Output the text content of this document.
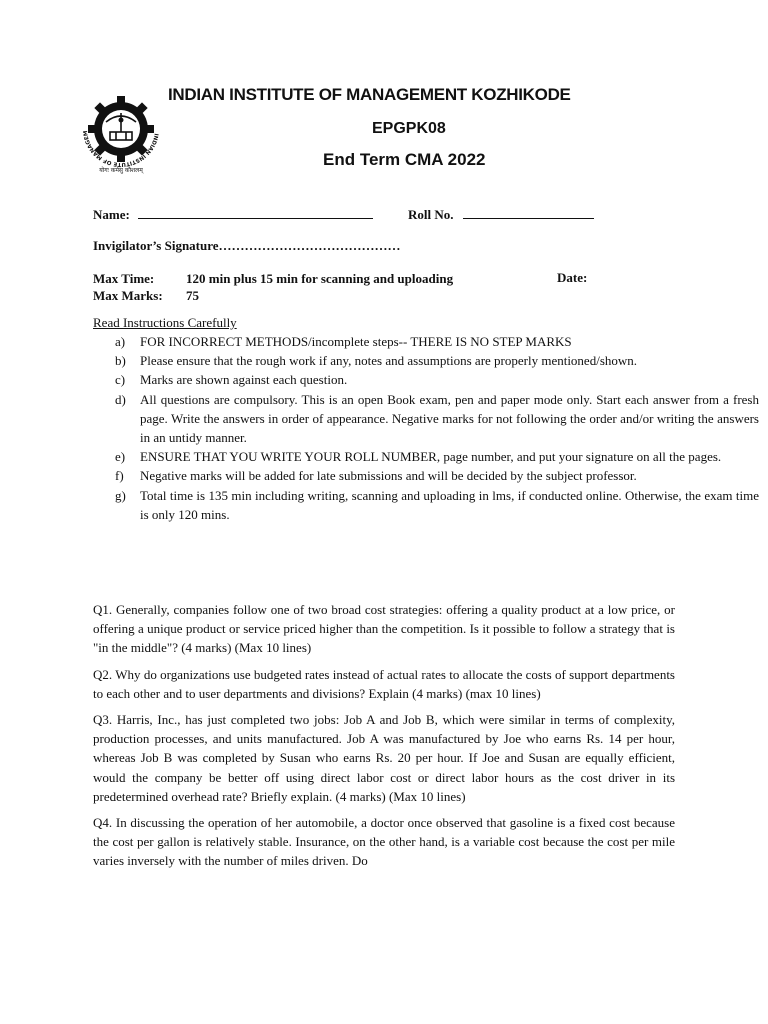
INDIAN INSTITUTE OF MANAGEM
योगः कर्मसु कौशलम्
INDIAN INSTITUTE OF MANAGEMENT KOZHIKODE
EPGPK08
End Term CMA 2022
Name:	Roll No.
Invigilator’s Signature……………………………………
Max Time: 120 min plus 15 min for scanning and uploading	Date:
Max Marks: 75
Read Instructions Carefully
a) FOR INCORRECT METHODS/incomplete steps-- THERE IS NO STEP MARKS
b) Please ensure that the rough work if any, notes and assumptions are properly mentioned/shown.
c) Marks are shown against each question.
d) All questions are compulsory. This is an open Book exam, pen and paper mode only. Start each answer from a fresh page. Write the answers in order of appearance. Negative marks for not following the order and/or writing the answers in an untidy manner.
e) ENSURE THAT YOU WRITE YOUR ROLL NUMBER, page number, and put your signature on all the pages.
f) Negative marks will be added for late submissions and will be decided by the subject professor.
g) Total time is 135 min including writing, scanning and uploading in lms, if conducted online. Otherwise, the exam time is only 120 mins.

Q1. Generally, companies follow one of two broad cost strategies: offering a quality product at a low price, or offering a unique product or service priced higher than the competition. Is it possible to follow a strategy that is "in the middle"? (4 marks) (Max 10 lines)

Q2. Why do organizations use budgeted rates instead of actual rates to allocate the costs of support departments to each other and to user departments and divisions? Explain (4 marks) (max 10 lines)

Q3. Harris, Inc., has just completed two jobs: Job A and Job B, which were similar in terms of complexity, production processes, and units manufactured. Job A was manufactured by Joe who earns Rs. 14 per hour, whereas Job B was completed by Susan who earns Rs. 20 per hour. If Joe and Susan are equally efficient, would the company be better off using direct labor cost or direct labor hours as the cost driver in its predetermined overhead rate? Briefly explain. (4 marks) (Max 10 lines)

Q4. In discussing the operation of her automobile, a doctor once observed that gasoline is a fixed cost because the cost per gallon is relatively stable. Insurance, on the other hand, is a variable cost because the cost per mile varies inversely with the number of miles driven. Do
